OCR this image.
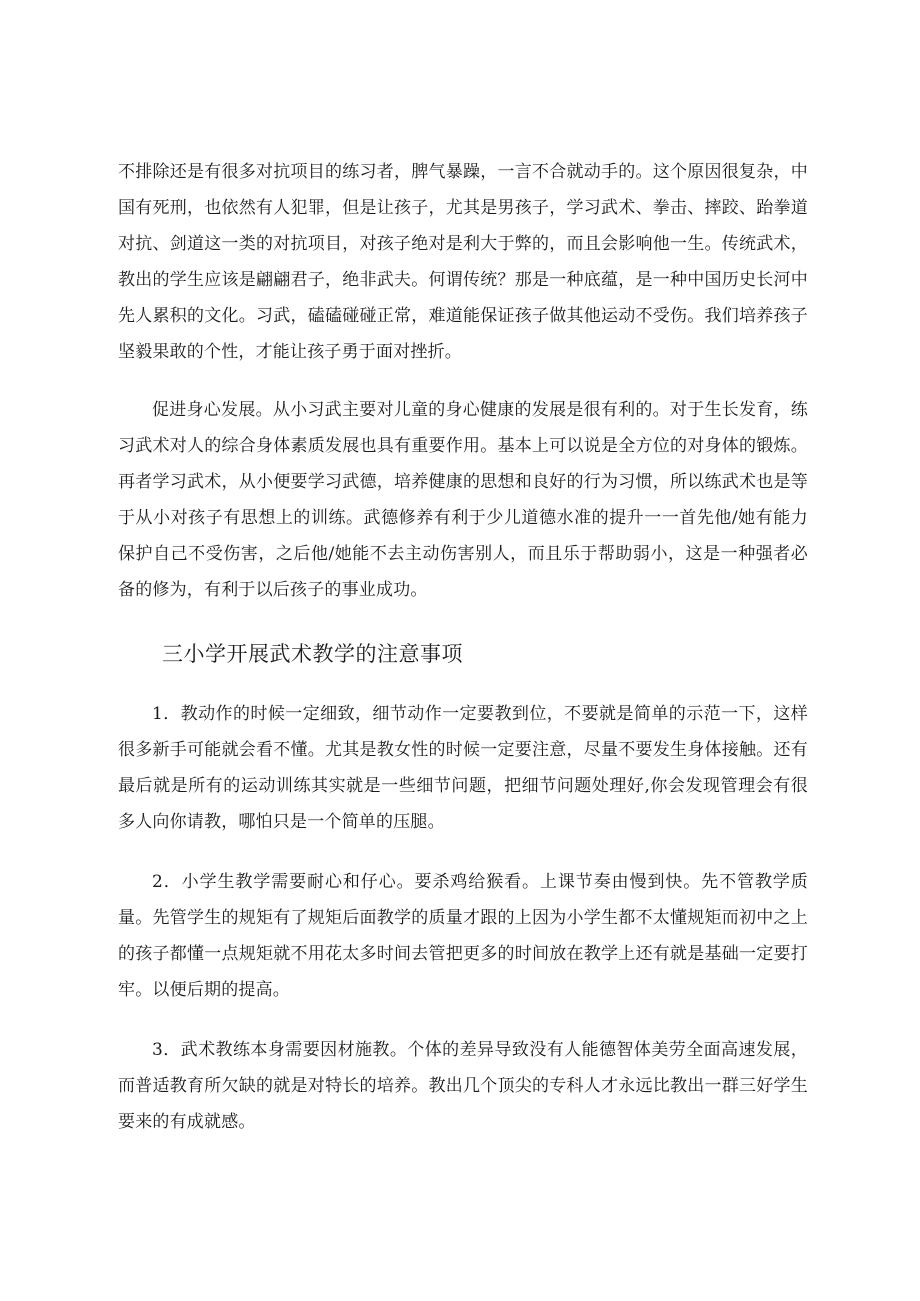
不排除还是有很多对抗项目的练习者，脾气暴躁，一言不合就动手的。这个原因很复杂，中国有死刑，也依然有人犯罪，但是让孩子，尤其是男孩子，学习武术、拳击、摔跤、跆拳道对抗、剑道这一类的对抗项目，对孩子绝对是利大于弊的，而且会影响他一生。传统武术，教出的学生应该是翩翩君子，绝非武夫。何谓传统？那是一种底蕴，是一种中国历史长河中先人累积的文化。习武，磕磕碰碰正常，难道能保证孩子做其他运动不受伤。我们培养孩子坚毅果敢的个性，才能让孩子勇于面对挫折。

促进身心发展。从小习武主要对儿童的身心健康的发展是很有利的。对于生长发育，练习武术对人的综合身体素质发展也具有重要作用。基本上可以说是全方位的对身体的锻炼。再者学习武术，从小便要学习武德，培养健康的思想和良好的行为习惯，所以练武术也是等于从小对孩子有思想上的训练。武德修养有利于少儿道德水准的提升一一首先他/她有能力保护自己不受伤害，之后他/她能不去主动伤害别人，而且乐于帮助弱小，这是一种强者必备的修为，有利于以后孩子的事业成功。

三小学开展武术教学的注意事项

1．教动作的时候一定细致，细节动作一定要教到位，不要就是简单的示范一下，这样很多新手可能就会看不懂。尤其是教女性的时候一定要注意，尽量不要发生身体接触。还有最后就是所有的运动训练其实就是一些细节问题，把细节问题处理好,你会发现管理会有很多人向你请教，哪怕只是一个简单的压腿。

2．小学生教学需要耐心和仔心。要杀鸡给猴看。上课节奏由慢到快。先不管教学质量。先管学生的规矩有了规矩后面教学的质量才跟的上因为小学生都不太懂规矩而初中之上的孩子都懂一点规矩就不用花太多时间去管把更多的时间放在教学上还有就是基础一定要打牢。以便后期的提高。

3．武术教练本身需要因材施教。个体的差异导致没有人能德智体美劳全面高速发展，而普适教育所欠缺的就是对特长的培养。教出几个顶尖的专科人才永远比教出一群三好学生要来的有成就感。
